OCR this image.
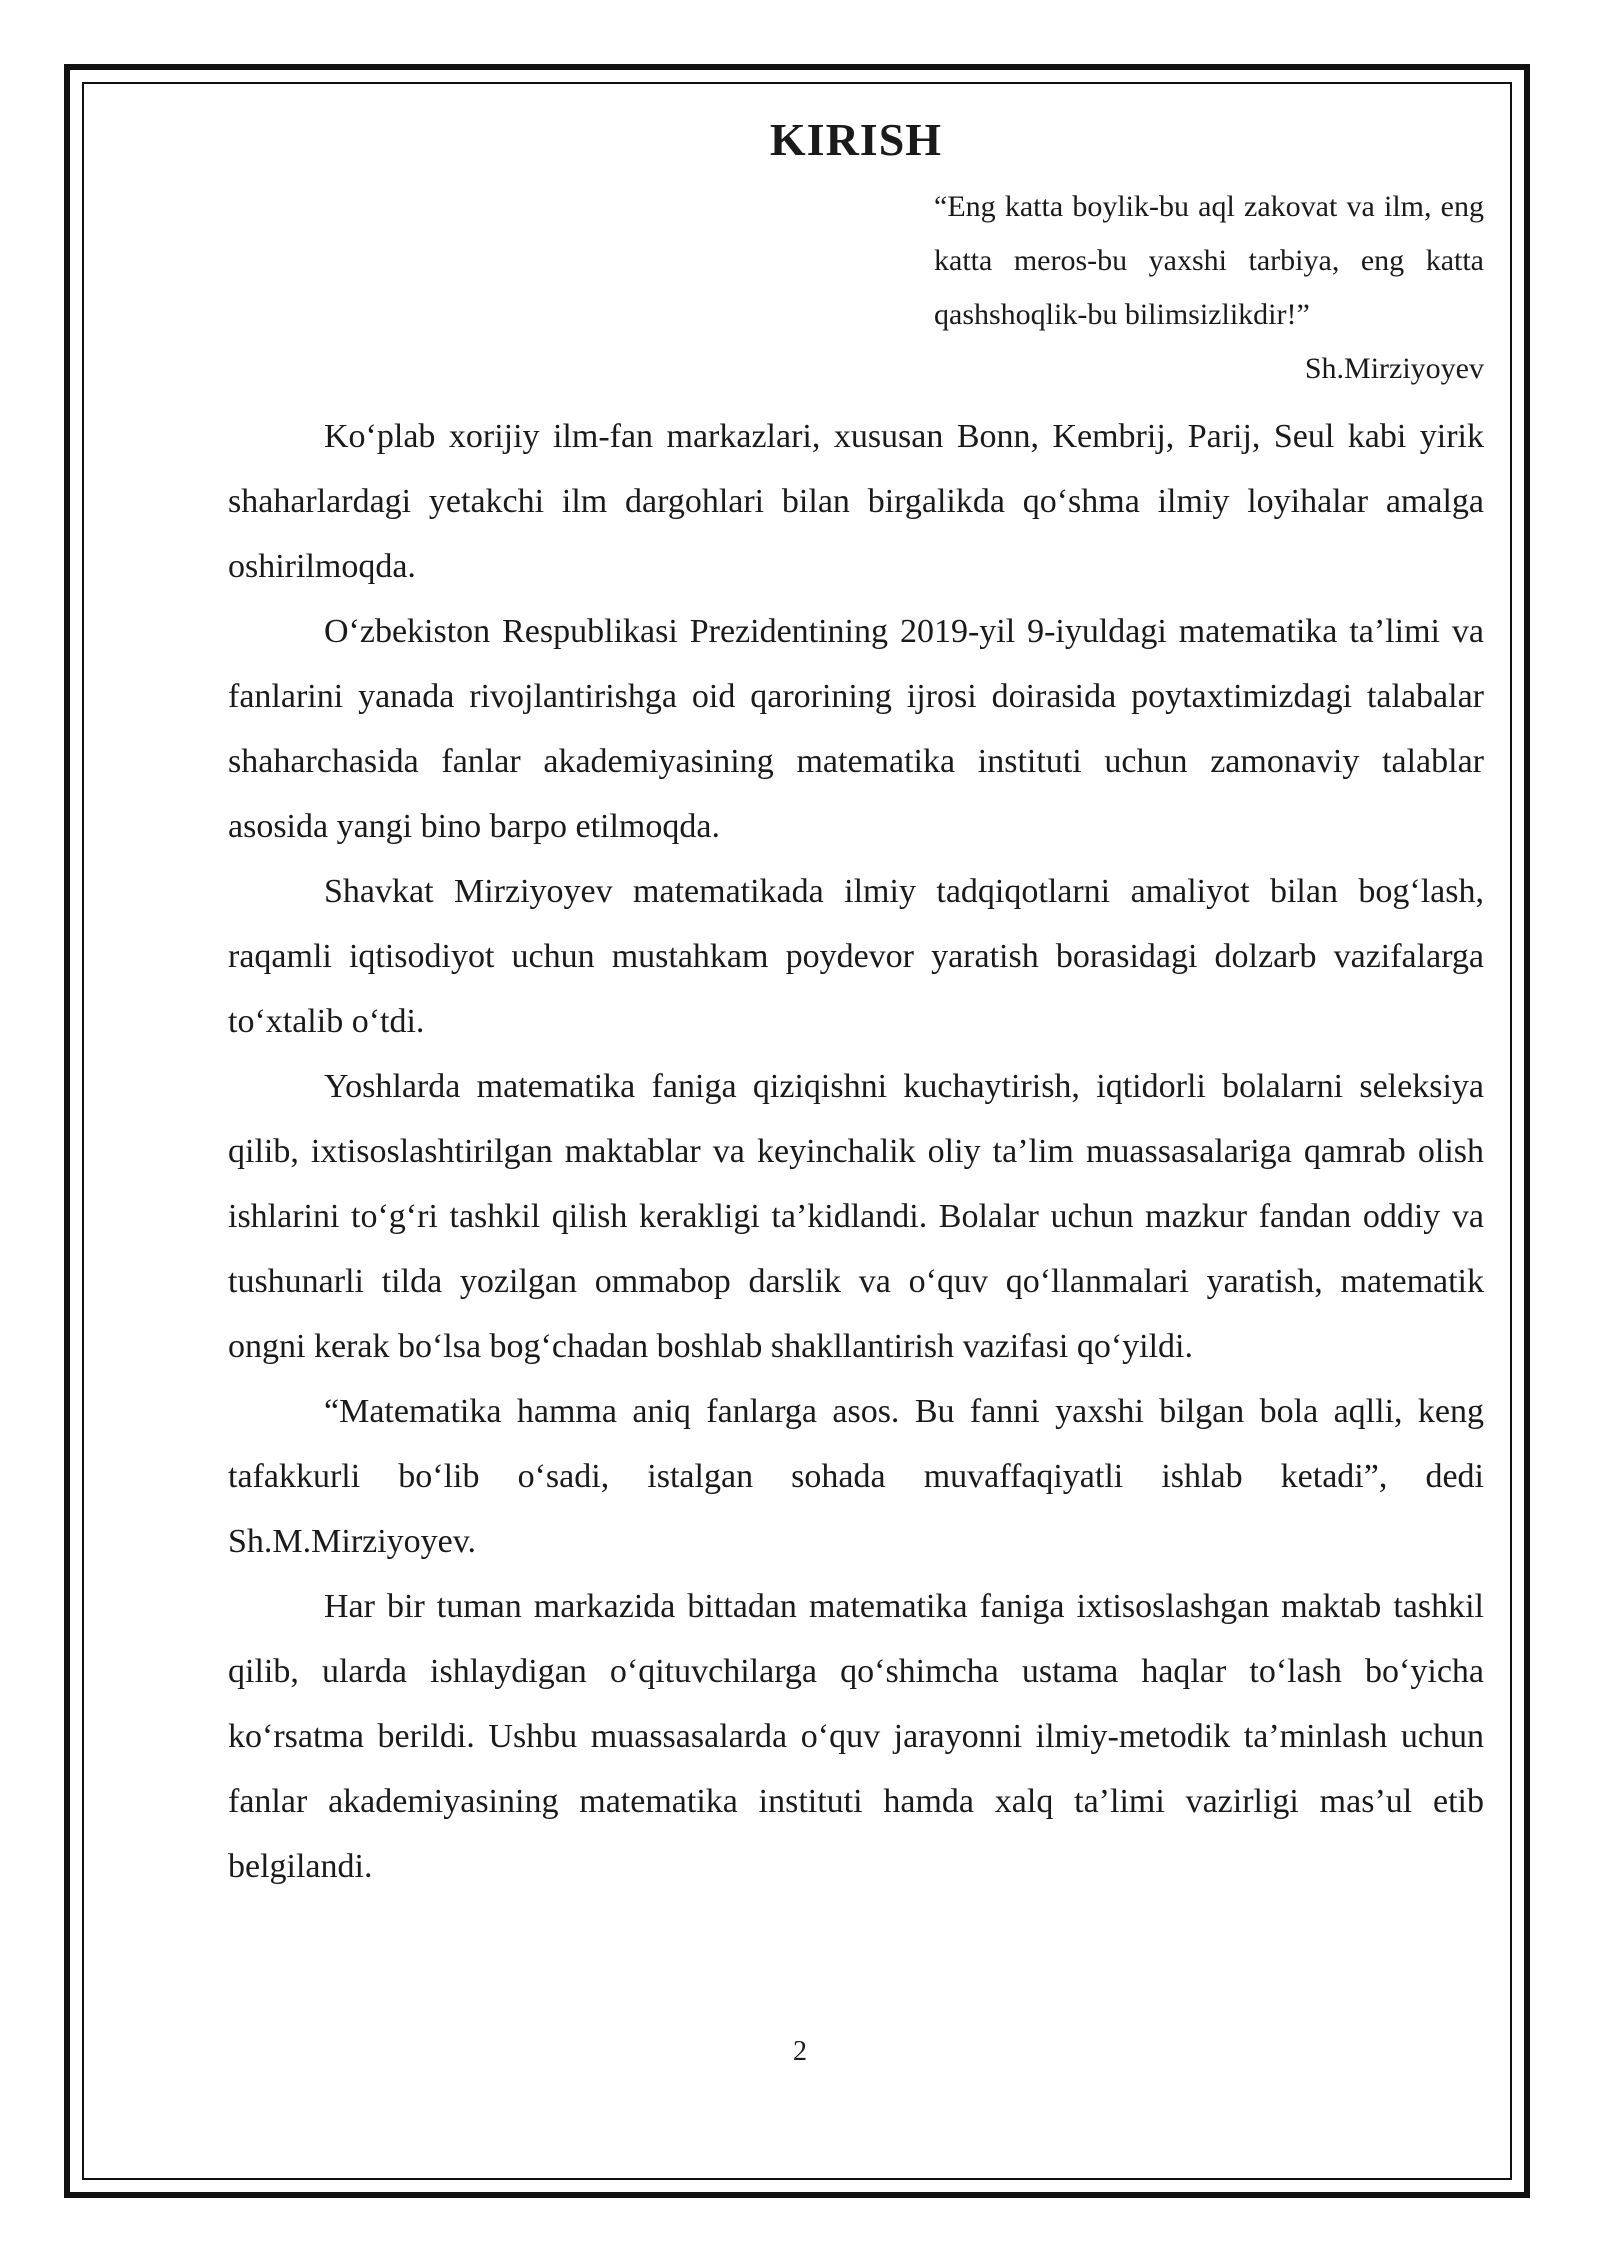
KIRISH
“Eng katta boylik-bu aql zakovat va ilm, eng katta meros-bu yaxshi tarbiya, eng katta qashshoqlik-bu bilimsizlikdir!”
Sh.Mirziyoyev

Ko‘plab xorijiy ilm-fan markazlari, xususan Bonn, Kembrij, Parij, Seul kabi yirik shaharlardagi yetakchi ilm dargohlari bilan birgalikda qo‘shma ilmiy loyihalar amalga oshirilmoqda.

O‘zbekiston Respublikasi Prezidentining 2019-yil 9-iyuldagi matematika ta’limi va fanlarini yanada rivojlantirishga oid qarorining ijrosi doirasida poytaxtimizdagi talabalar shaharchasida fanlar akademiyasining matematika instituti uchun zamonaviy talablar asosida yangi bino barpo etilmoqda.

Shavkat Mirziyoyev matematikada ilmiy tadqiqotlarni amaliyot bilan bog‘lash, raqamli iqtisodiyot uchun mustahkam poydevor yaratish borasidagi dolzarb vazifalarga to‘xtalib o‘tdi.

Yoshlarda matematika faniga qiziqishni kuchaytirish, iqtidorli bolalarni seleksiya qilib, ixtisoslashtirilgan maktablar va keyinchalik oliy ta’lim muassasalariga qamrab olish ishlarini to‘g‘ri tashkil qilish kerakligi ta’kidlandi. Bolalar uchun mazkur fandan oddiy va tushunarli tilda yozilgan ommabop darslik va o‘quv qo‘llanmalari yaratish, matematik ongni kerak bo‘lsa bog‘chadan boshlab shakllantirish vazifasi qo‘yildi.

“Matematika hamma aniq fanlarga asos. Bu fanni yaxshi bilgan bola aqlli, keng tafakkurli bo‘lib o‘sadi, istalgan sohada muvaffaqiyatli ishlab ketadi”, dedi Sh.M.Mirziyoyev.

Har bir tuman markazida bittadan matematika faniga ixtisoslashgan maktab tashkil qilib, ularda ishlaydigan o‘qituvchilarga qo‘shimcha ustama haqlar to‘lash bo‘yicha ko‘rsatma berildi. Ushbu muassasalarda o‘quv jarayonni ilmiy-metodik ta’minlash uchun fanlar akademiyasining matematika instituti hamda xalq ta’limi vazirligi mas’ul etib belgilandi.

2
